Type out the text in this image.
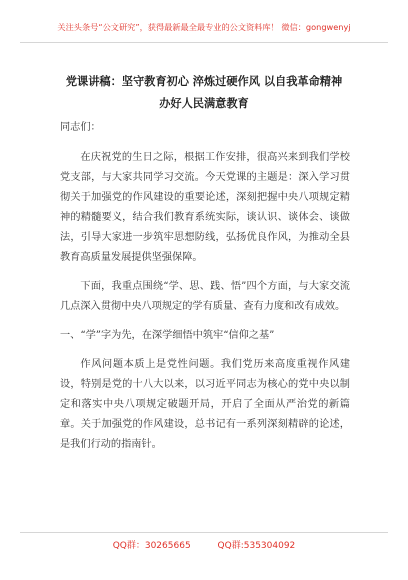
关注头条号“公文研究”，获得最新最全最专业的公文资料库！ 微信：gongwenyj
党课讲稿：坚守教育初心 淬炼过硬作风 以自我革命精神
办好人民满意教育

同志们：

在庆祝党的生日之际，根据工作安排，很高兴来到我们学校党支部，与大家共同学习交流。今天党课的主题是：深入学习贯彻关于加强党的作风建设的重要论述，深刻把握中央八项规定精神的精髓要义，结合我们教育系统实际，谈认识、谈体会、谈做法，引导大家进一步筑牢思想防线，弘扬优良作风，为推动全县教育高质量发展提供坚强保障。

下面，我重点围绕“学、思、践、悟”四个方面，与大家交流几点深入贯彻中央八项规定的学有质量、查有力度和改有成效。

一、“学”字为先，在深学细悟中筑牢“信仰之基”

作风问题本质上是党性问题。我们党历来高度重视作风建设，特别是党的十八大以来，以习近平同志为核心的党中央以制定和落实中央八项规定破题开局，开启了全面从严治党的新篇章。关于加强党的作风建设，总书记有一系列深刻精辟的论述，是我们行动的指南针。

QQ群：30265665	QQ群:535304092
